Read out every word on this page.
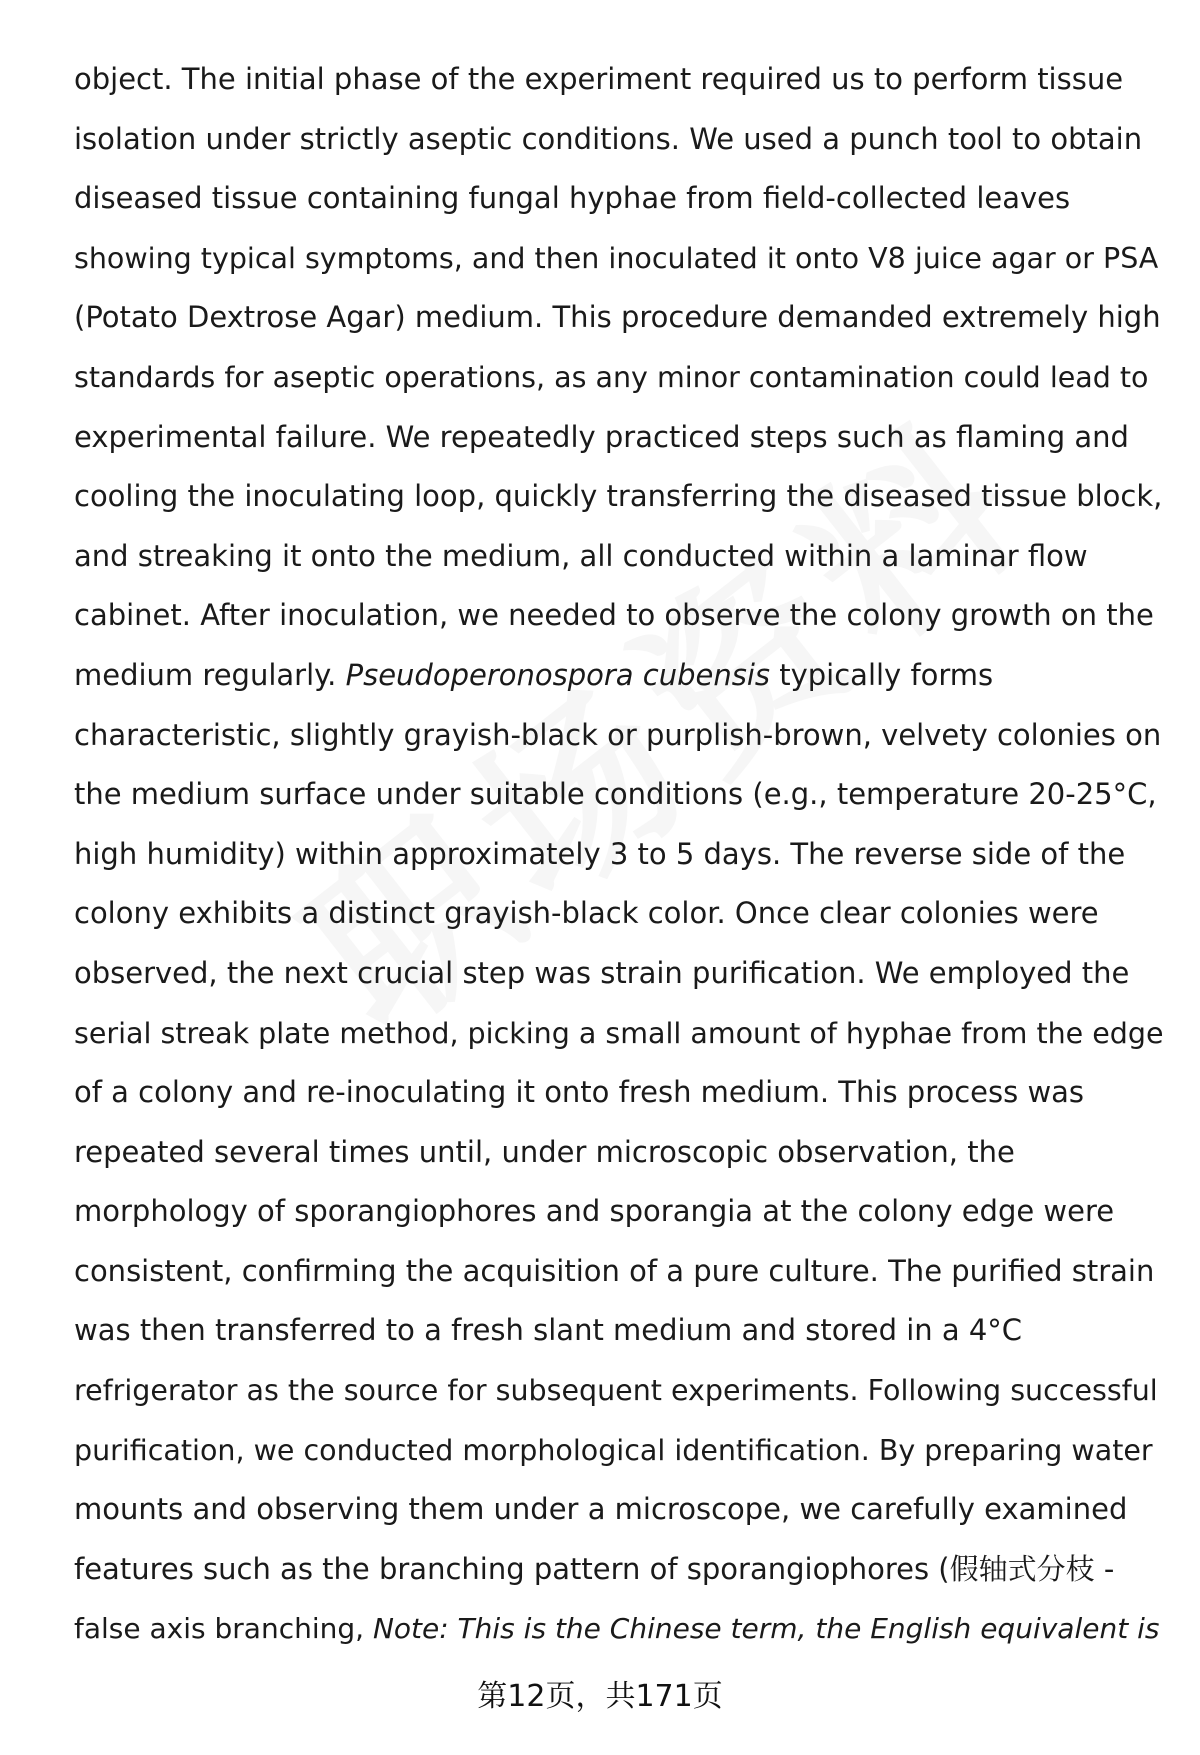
object. The initial phase of the experiment required us to perform tissue
isolation under strictly aseptic conditions. We used a punch tool to obtain
diseased tissue containing fungal hyphae from field-collected leaves
showing typical symptoms, and then inoculated it onto V8 juice agar or PSA
(Potato Dextrose Agar) medium. This procedure demanded extremely high
standards for aseptic operations, as any minor contamination could lead to
experimental failure. We repeatedly practiced steps such as flaming and
cooling the inoculating loop, quickly transferring the diseased tissue block,
and streaking it onto the medium, all conducted within a laminar flow
cabinet. After inoculation, we needed to observe the colony growth on the
medium regularly. Pseudoperonospora cubensis typically forms
characteristic, slightly grayish-black or purplish-brown, velvety colonies on
the medium surface under suitable conditions (e.g., temperature 20-25°C,
high humidity) within approximately 3 to 5 days. The reverse side of the
colony exhibits a distinct grayish-black color. Once clear colonies were
observed, the next crucial step was strain purification. We employed the
serial streak plate method, picking a small amount of hyphae from the edge
of a colony and re-inoculating it onto fresh medium. This process was
repeated several times until, under microscopic observation, the
morphology of sporangiophores and sporangia at the colony edge were
consistent, confirming the acquisition of a pure culture. The purified strain
was then transferred to a fresh slant medium and stored in a 4°C
refrigerator as the source for subsequent experiments. Following successful
purification, we conducted morphological identification. By preparing water
mounts and observing them under a microscope, we carefully examined
features such as the branching pattern of sporangiophores (假轴式分枝 -
false axis branching, Note: This is the Chinese term, the English equivalent is
第12页，共171页
